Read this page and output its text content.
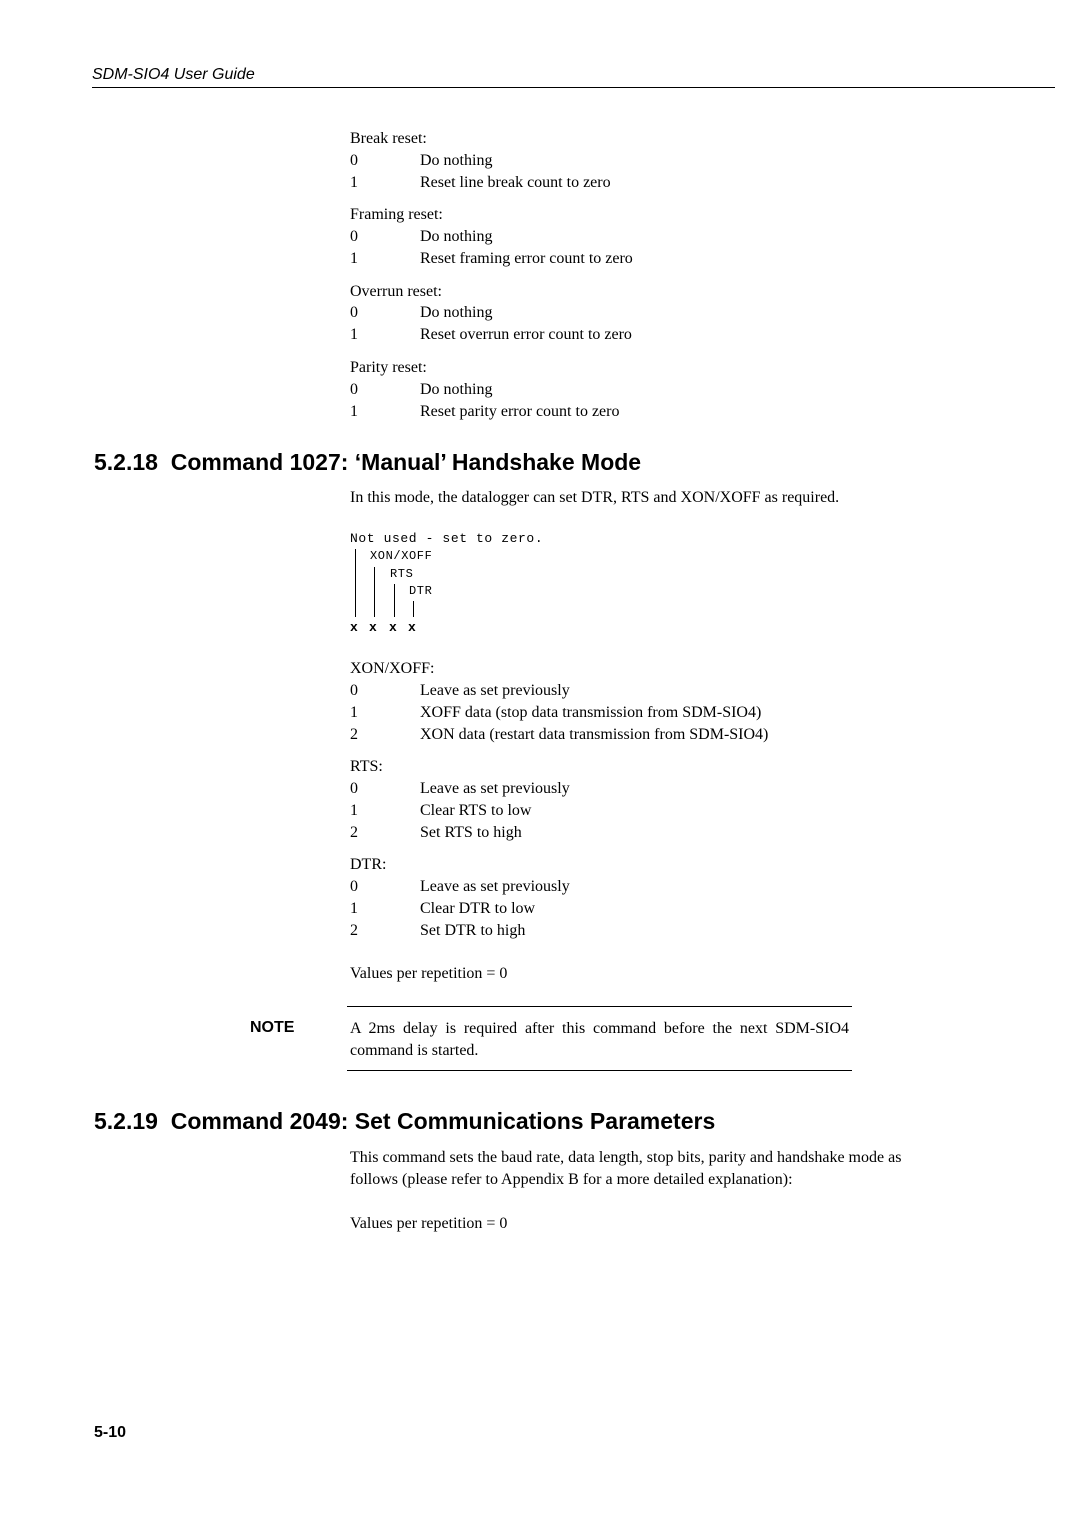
SDM-SIO4 User Guide
Break reset:
0	Do nothing
1	Reset line break count to zero
Framing reset:
0	Do nothing
1	Reset framing error count to zero
Overrun reset:
0	Do nothing
1	Reset overrun error count to zero
Parity reset:
0	Do nothing
1	Reset parity error count to zero
5.2.18 Command 1027: ‘Manual’ Handshake Mode
In this mode, the datalogger can set DTR, RTS and XON/XOFF as required.
Not used - set to zero.
XON/XOFF
RTS
DTR
x x x x
XON/XOFF:
0	Leave as set previously
1	XOFF data (stop data transmission from SDM-SIO4)
2	XON data (restart data transmission from SDM-SIO4)
RTS:
0	Leave as set previously
1	Clear RTS to low
2	Set RTS to high
DTR:
0	Leave as set previously
1	Clear DTR to low
2	Set DTR to high
Values per repetition = 0
NOTE	A 2ms delay is required after this command before the next SDM-SIO4 command is started.
5.2.19 Command 2049: Set Communications Parameters
This command sets the baud rate, data length, stop bits, parity and handshake mode as follows (please refer to Appendix B for a more detailed explanation):
Values per repetition = 0
5-10
